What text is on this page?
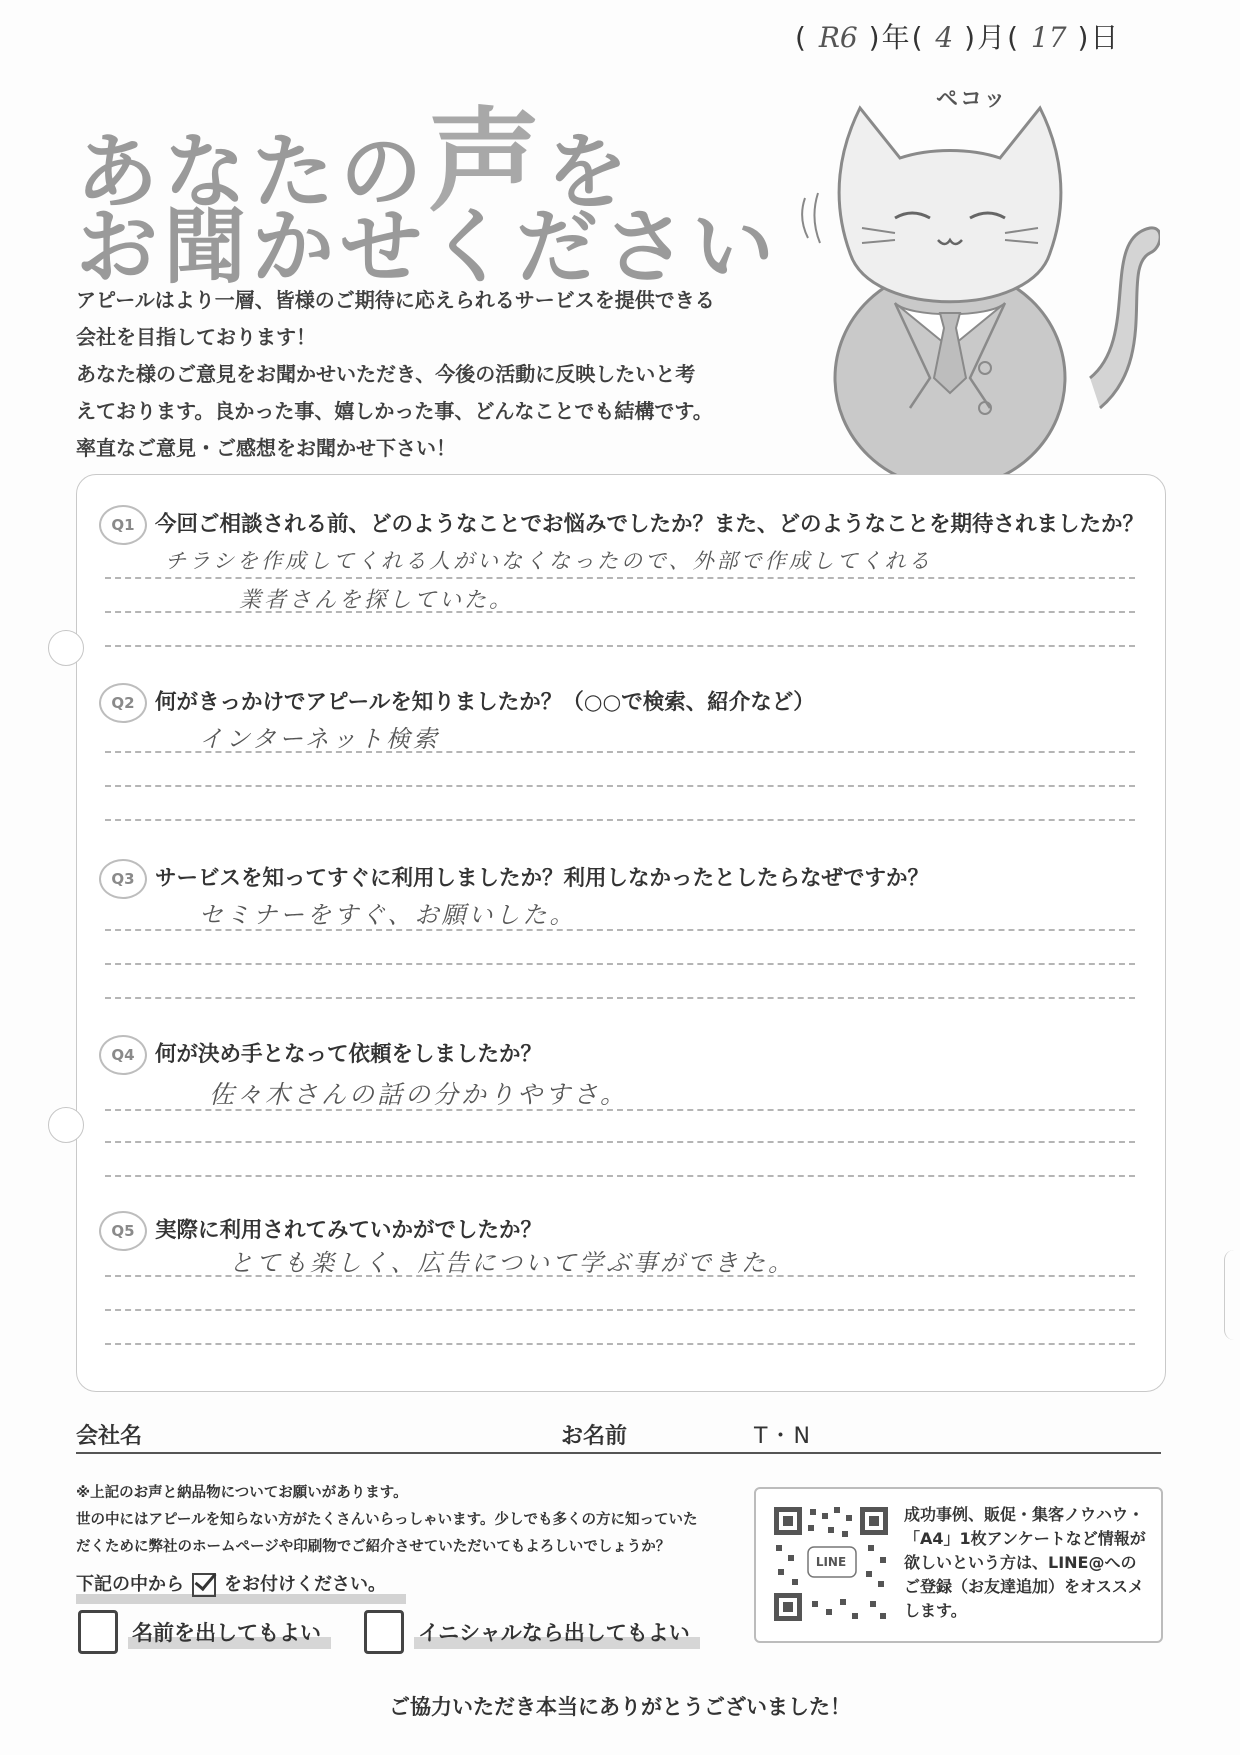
( R6 )年( 4 )月( 17 )日
あなたの声を
お聞かせください

アピールはより一層、皆様のご期待に応えられるサービスを提供できる

会社を目指しております！

あなた様のご意見をお聞かせいただき、今後の活動に反映したいと考

えております。良かった事、嬉しかった事、どんなことでも結構です。

率直なご意見・ご感想をお聞かせ下さい！

ペコッ
Q1 今回ご相談される前、どのようなことでお悩みでしたか？また、どのようなことを期待されましたか？
チラシを作成してくれる人がいなくなったので、外部で作成してくれる
業者さんを探していた。
Q2 何がきっかけでアピールを知りましたか？（○○で検索、紹介など）
インターネット検索
Q3 サービスを知ってすぐに利用しましたか？利用しなかったとしたらなぜですか？
セミナーをすぐ、お願いした。
Q4 何が決め手となって依頼をしましたか？
佐々木さんの話の分かりやすさ。
Q5 実際に利用されてみていかがでしたか？
とても楽しく、広告について学ぶ事ができた。
会社名	お名前	T・N

※上記のお声と納品物についてお願いがあります。

世の中にはアピールを知らない方がたくさんいらっしゃいます。少しでも多くの方に知っていた

だくために弊社のホームページや印刷物でご紹介させていただいてもよろしいでしょうか？

下記の中から をお付けください。
名前を出してもよい	イニシャルなら出してもよい
LINE
成功事例、販促・集客ノウハウ・「A4」1枚アンケートなど情報が欲しいという方は、LINE@へのご登録（お友達追加）をオススメします。
ご協力いただき本当にありがとうございました！
